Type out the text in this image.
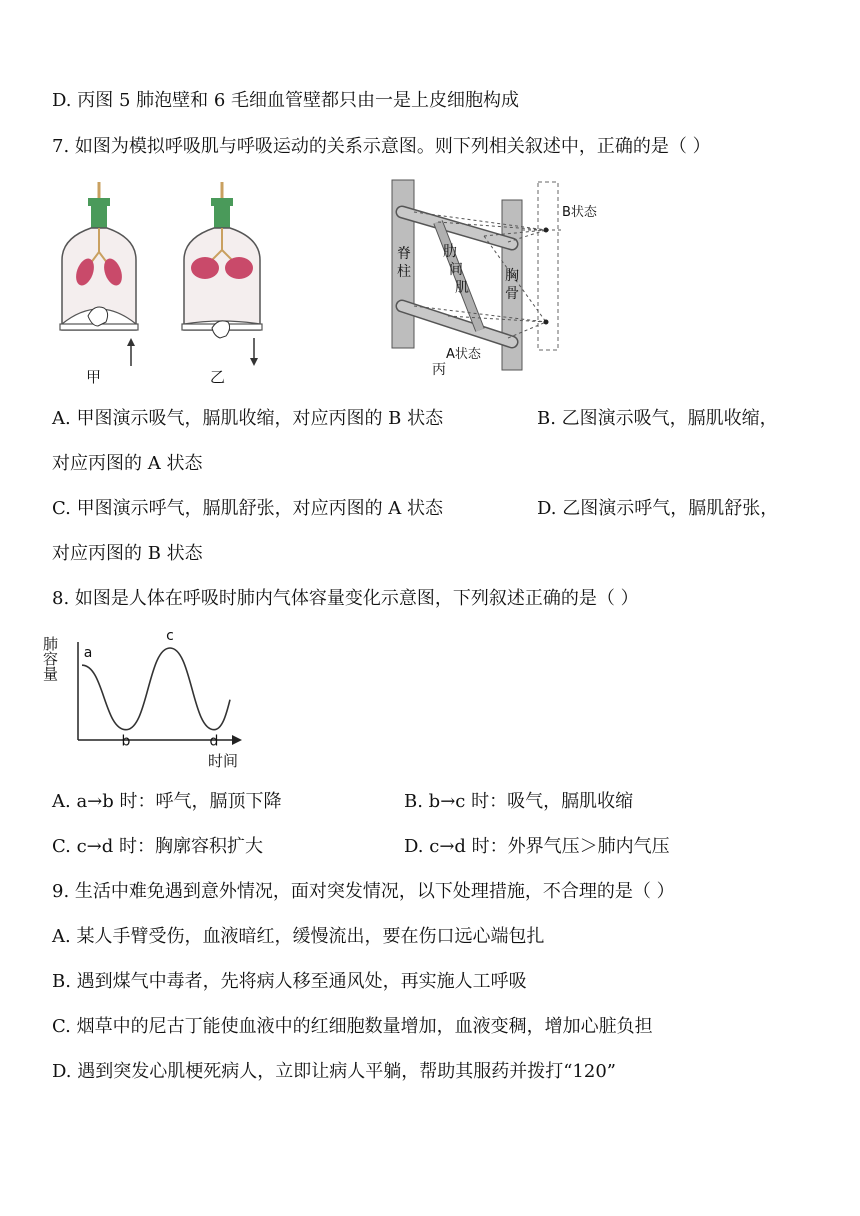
D. 丙图 5 肺泡壁和 6 毛细血管壁都只由一是上皮细胞构成
7. 如图为模拟呼吸肌与呼吸运动的关系示意图。则下列相关叙述中，正确的是（ ）
甲	乙
脊
柱
肋
间
肌
胸
骨
B状态
A状态
丙
A. 甲图演示吸气，膈肌收缩，对应丙图的 B 状态	B. 乙图演示吸气，膈肌收缩，
对应丙图的 A 状态
C. 甲图演示呼气，膈肌舒张，对应丙图的 A 状态	D. 乙图演示呼气，膈肌舒张，
对应丙图的 B 状态
8. 如图是人体在呼吸时肺内气体容量变化示意图，下列叙述正确的是（ ）
a
b
c
d
肺容量
时间
A. a→b 时：呼气，膈顶下降	B. b→c 时：吸气，膈肌收缩
C. c→d 时：胸廓容积扩大	D. c→d 时：外界气压＞肺内气压
9. 生活中难免遇到意外情况，面对突发情况，以下处理措施，不合理的是（ ）
A. 某人手臂受伤，血液暗红，缓慢流出，要在伤口远心端包扎
B. 遇到煤气中毒者，先将病人移至通风处，再实施人工呼吸
C. 烟草中的尼古丁能使血液中的红细胞数量增加，血液变稠，增加心脏负担
D. 遇到突发心肌梗死病人，立即让病人平躺，帮助其服药并拨打“120”
